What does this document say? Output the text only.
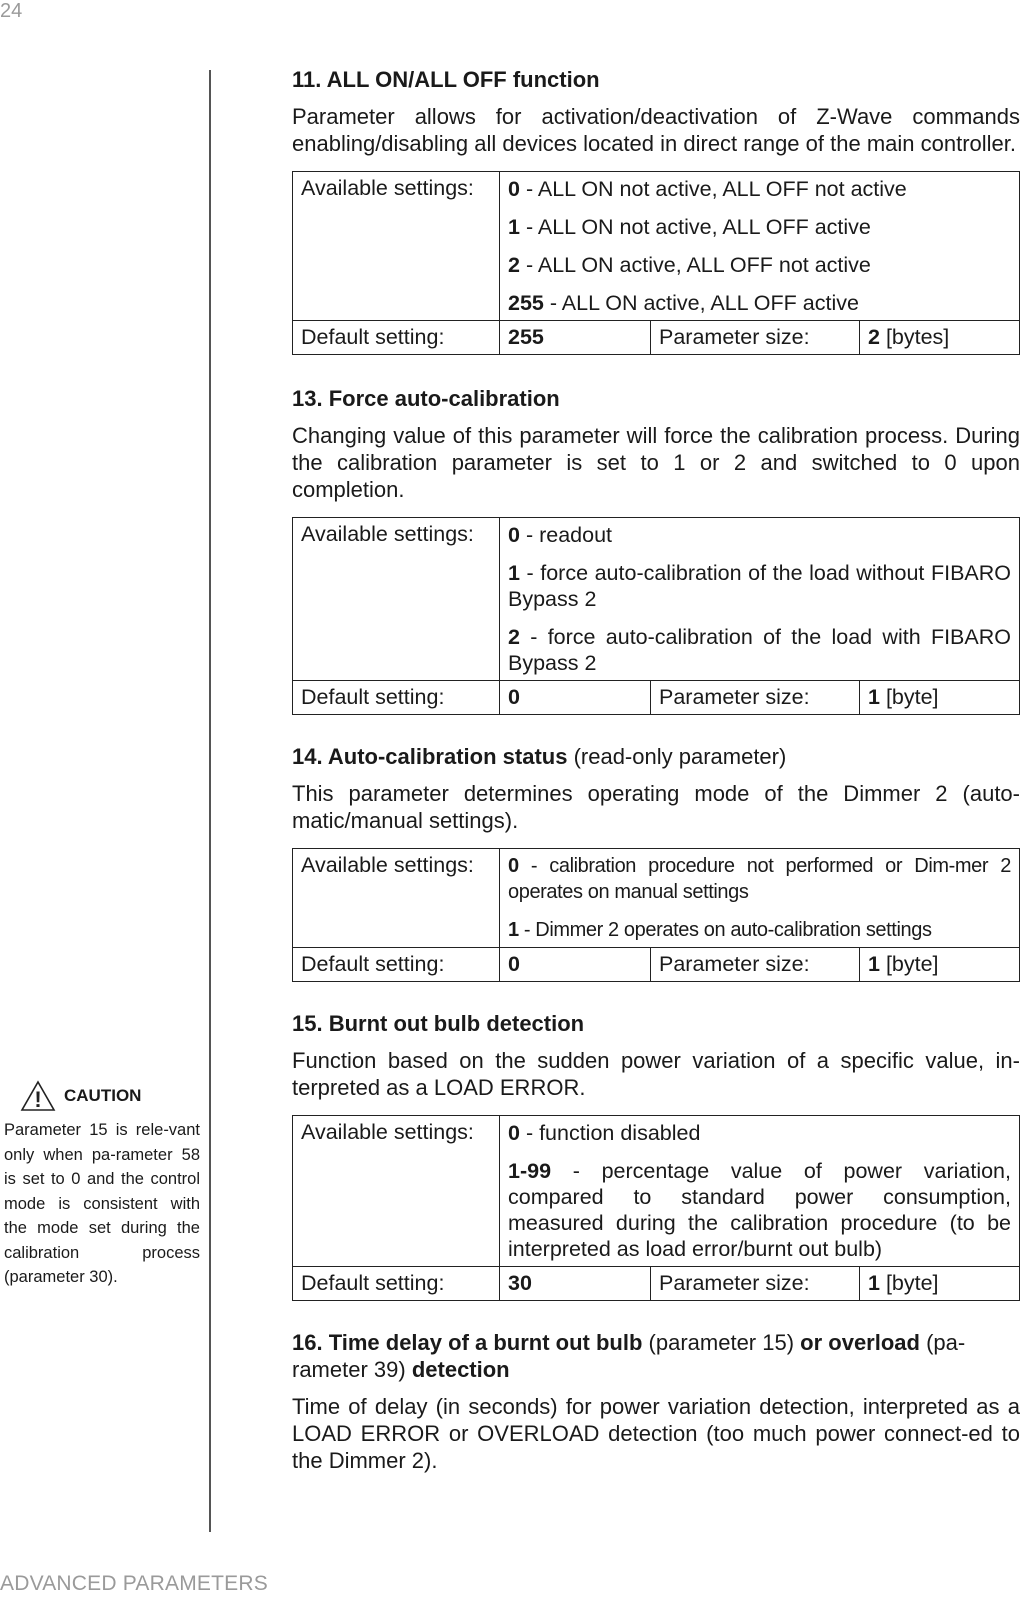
24
! CAUTION
Parameter 15 is rele-vant only when pa-rameter 58 is set to 0 and the control mode is consistent with the mode set during the calibration process (parameter 30).
11. ALL ON/ALL OFF function

Parameter allows for activation/deactivation of Z-Wave commands enabling/disabling all devices located in direct range of the main controller.

Available settings:	0 - ALL ON not active, ALL OFF not active

1 - ALL ON not active, ALL OFF active

2 - ALL ON active, ALL OFF not active

255 - ALL ON active, ALL OFF active		

Default setting:	255	Parameter size:	2 [bytes]
13. Force auto-calibration

Changing value of this parameter will force the calibration process. During the calibration parameter is set to 1 or 2 and switched to 0 upon completion.

Available settings:	0 - readout

1 - force auto-calibration of the load without FIBARO Bypass 2

2 - force auto-calibration of the load with FIBARO Bypass 2		

Default setting:	0	Parameter size:	1 [byte]
14. Auto-calibration status (read-only parameter)

This parameter determines operating mode of the Dimmer 2 (auto-matic/manual settings).

Available settings:	0 - calibration procedure not performed or Dim-mer 2 operates on manual settings

1 - Dimmer 2 operates on auto-calibration settings		

Default setting:	0	Parameter size:	1 [byte]
15. Burnt out bulb detection

Function based on the sudden power variation of a specific value, in-terpreted as a LOAD ERROR.

Available settings:	0 - function disabled

1-99 - percentage value of power variation, compared to standard power consumption, measured during the calibration procedure (to be interpreted as load error/burnt out bulb)		

Default setting:	30	Parameter size:	1 [byte]
16. Time delay of a burnt out bulb (parameter 15) or overload (pa-rameter 39) detection

Time of delay (in seconds) for power variation detection, interpreted as a LOAD ERROR or OVERLOAD detection (too much power connect-ed to the Dimmer 2).

ADVANCED PARAMETERS
